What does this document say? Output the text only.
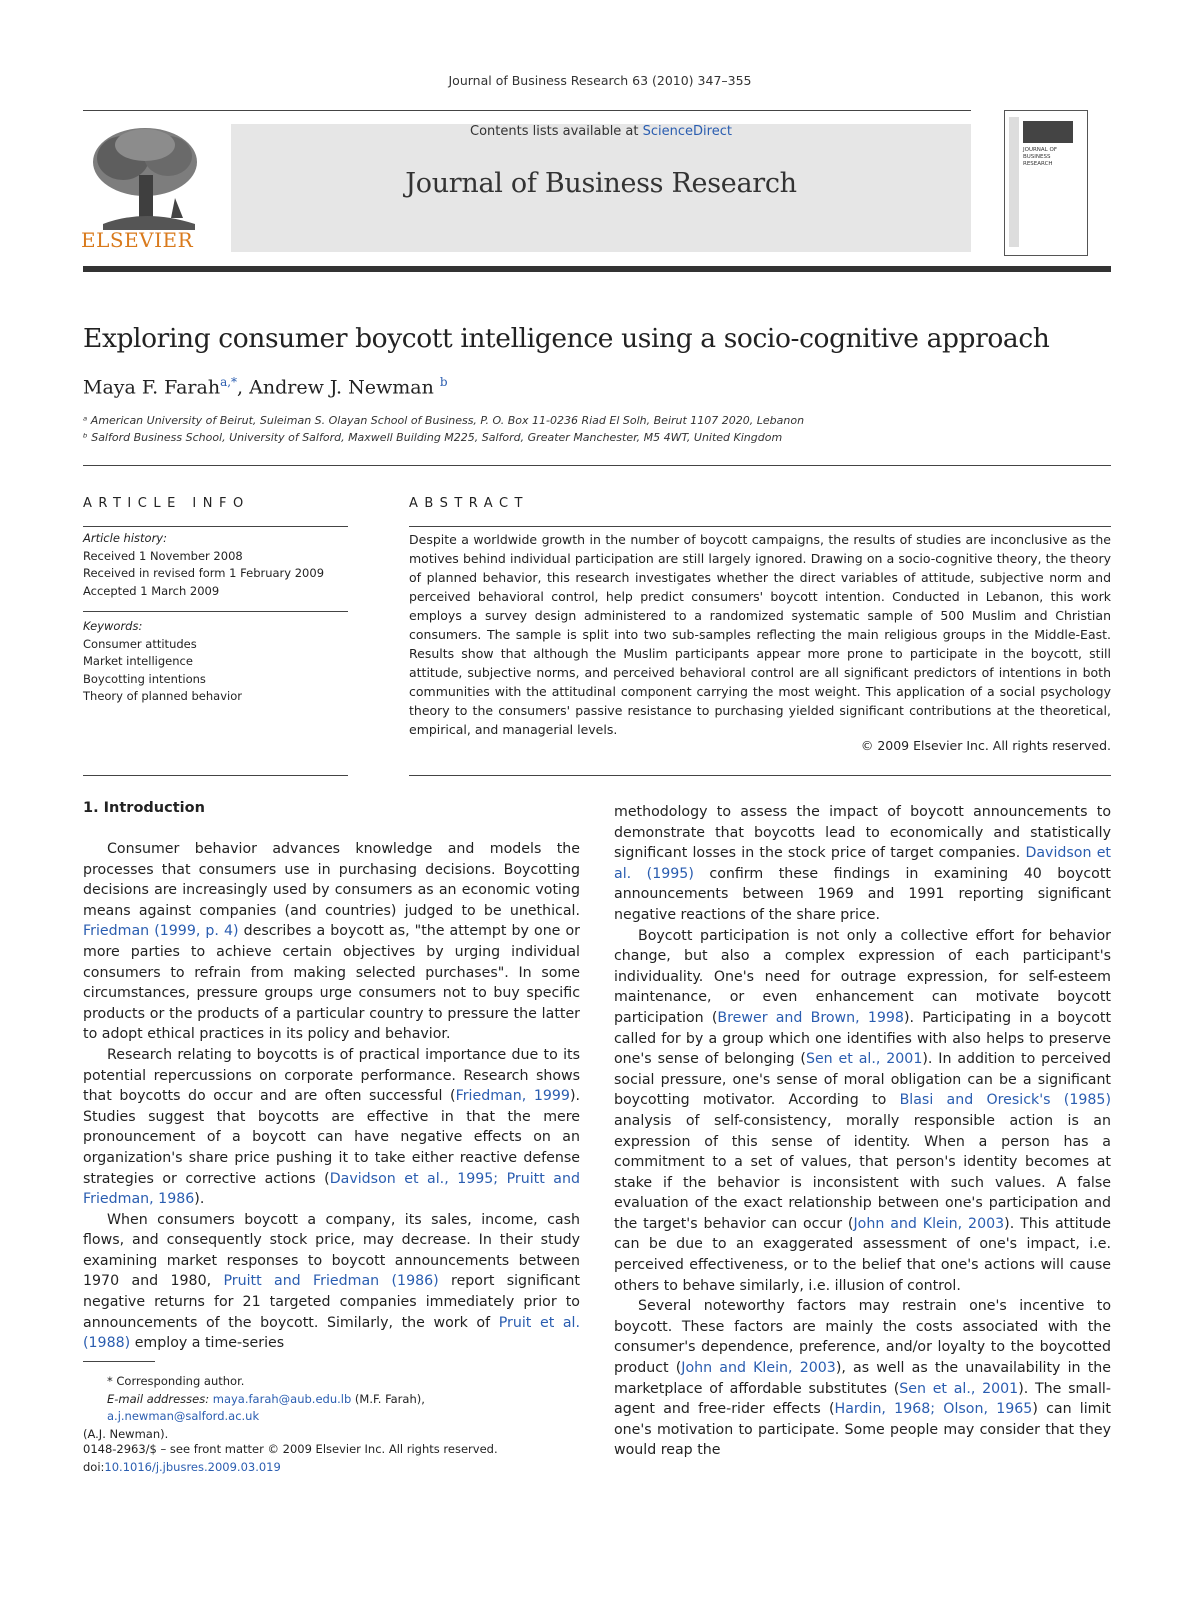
Journal of Business Research 63 (2010) 347–355
ELSEVIER
Contents lists available at ScienceDirect
Journal of Business Research
JOURNAL OF BUSINESS RESEARCH
Exploring consumer boycott intelligence using a socio-cognitive approach
Maya F. Farah$^{a,*}$, Andrew J. Newman $^b$
ᵃ American University of Beirut, Suleiman S. Olayan School of Business, P. O. Box 11-0236 Riad El Solh, Beirut 1107 2020, Lebanon
ᵇ Salford Business School, University of Salford, Maxwell Building M225, Salford, Greater Manchester, M5 4WT, United Kingdom
ARTICLE INFO
Article history:
Received 1 November 2008
Received in revised form 1 February 2009
Accepted 1 March 2009
Keywords:
Consumer attitudes
Market intelligence
Boycotting intentions
Theory of planned behavior
ABSTRACT
Despite a worldwide growth in the number of boycott campaigns, the results of studies are inconclusive as the motives behind individual participation are still largely ignored. Drawing on a socio-cognitive theory, the theory of planned behavior, this research investigates whether the direct variables of attitude, subjective norm and perceived behavioral control, help predict consumers' boycott intention. Conducted in Lebanon, this work employs a survey design administered to a randomized systematic sample of 500 Muslim and Christian consumers. The sample is split into two sub-samples reflecting the main religious groups in the Middle-East. Results show that although the Muslim participants appear more prone to participate in the boycott, still attitude, subjective norms, and perceived behavioral control are all significant predictors of intentions in both communities with the attitudinal component carrying the most weight. This application of a social psychology theory to the consumers' passive resistance to purchasing yielded significant contributions at the theoretical, empirical, and managerial levels.
© 2009 Elsevier Inc. All rights reserved.
1. Introduction

Consumer behavior advances knowledge and models the processes that consumers use in purchasing decisions. Boycotting decisions are increasingly used by consumers as an economic voting means against companies (and countries) judged to be unethical. Friedman (1999, p. 4) describes a boycott as, "the attempt by one or more parties to achieve certain objectives by urging individual consumers to refrain from making selected purchases". In some circumstances, pressure groups urge consumers not to buy specific products or the products of a particular country to pressure the latter to adopt ethical practices in its policy and behavior.

Research relating to boycotts is of practical importance due to its potential repercussions on corporate performance. Research shows that boycotts do occur and are often successful (Friedman, 1999). Studies suggest that boycotts are effective in that the mere pronouncement of a boycott can have negative effects on an organization's share price pushing it to take either reactive defense strategies or corrective actions (Davidson et al., 1995; Pruitt and Friedman, 1986).

When consumers boycott a company, its sales, income, cash flows, and consequently stock price, may decrease. In their study examining market responses to boycott announcements between 1970 and 1980, Pruitt and Friedman (1986) report significant negative returns for 21 targeted companies immediately prior to announcements of the boycott. Similarly, the work of Pruit et al. (1988) employ a time-series

methodology to assess the impact of boycott announcements to demonstrate that boycotts lead to economically and statistically significant losses in the stock price of target companies. Davidson et al. (1995) confirm these findings in examining 40 boycott announcements between 1969 and 1991 reporting significant negative reactions of the share price.

Boycott participation is not only a collective effort for behavior change, but also a complex expression of each participant's individuality. One's need for outrage expression, for self-esteem maintenance, or even enhancement can motivate boycott participation (Brewer and Brown, 1998). Participating in a boycott called for by a group which one identifies with also helps to preserve one's sense of belonging (Sen et al., 2001). In addition to perceived social pressure, one's sense of moral obligation can be a significant boycotting motivator. According to Blasi and Oresick's (1985) analysis of self-consistency, morally responsible action is an expression of this sense of identity. When a person has a commitment to a set of values, that person's identity becomes at stake if the behavior is inconsistent with such values. A false evaluation of the exact relationship between one's participation and the target's behavior can occur (John and Klein, 2003). This attitude can be due to an exaggerated assessment of one's impact, i.e. perceived effectiveness, or to the belief that one's actions will cause others to behave similarly, i.e. illusion of control.

Several noteworthy factors may restrain one's incentive to boycott. These factors are mainly the costs associated with the consumer's dependence, preference, and/or loyalty to the boycotted product (John and Klein, 2003), as well as the unavailability in the marketplace of affordable substitutes (Sen et al., 2001). The small-agent and free-rider effects (Hardin, 1968; Olson, 1965) can limit one's motivation to participate. Some people may consider that they would reap the

* Corresponding author.
E-mail addresses: maya.farah@aub.edu.lb (M.F. Farah), a.j.newman@salford.ac.uk
(A.J. Newman).
0148-2963/$ – see front matter © 2009 Elsevier Inc. All rights reserved.
doi:10.1016/j.jbusres.2009.03.019
